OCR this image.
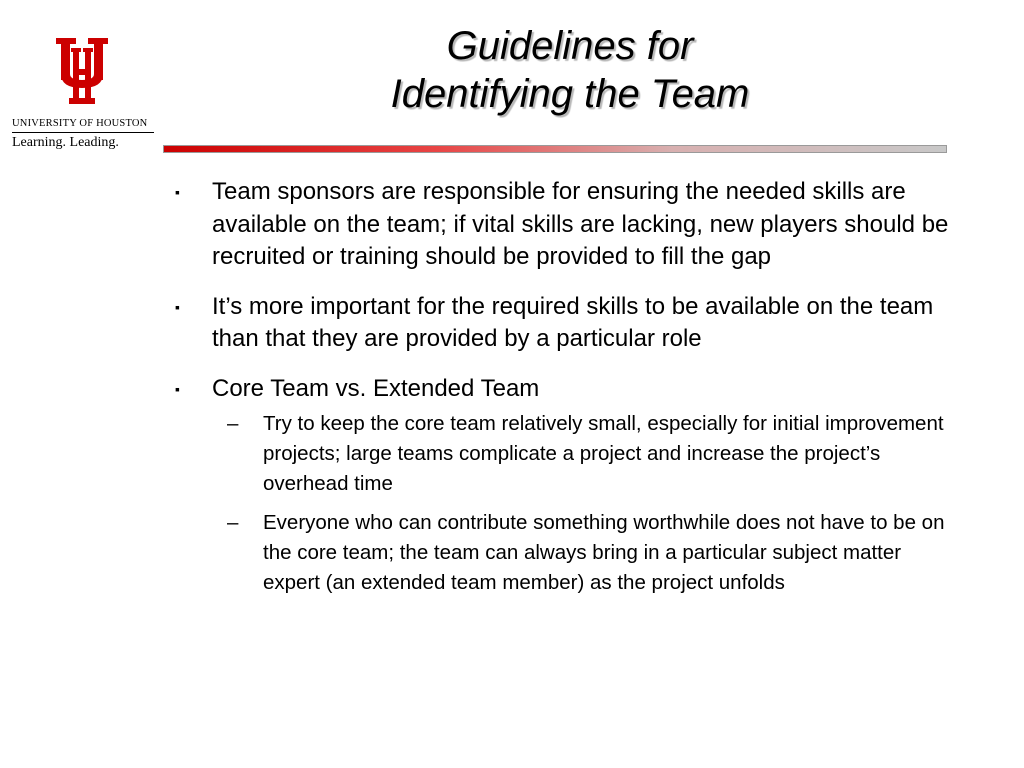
UNIVERSITY OF HOUSTON
Learning. Leading.
Guidelines for
Identifying the Team
▪ Team sponsors are responsible for ensuring the needed skills are available on the team; if vital skills are lacking, new players should be recruited or training should be provided to fill the gap
▪ It’s more important for the required skills to be available on the team than that they are provided by a particular role
▪ Core Team vs. Extended Team
– Try to keep the core team relatively small, especially for initial improvement projects; large teams complicate a project and increase the project’s overhead time
– Everyone who can contribute something worthwhile does not have to be on the core team; the team can always bring in a particular subject matter expert (an extended team member) as the project unfolds
